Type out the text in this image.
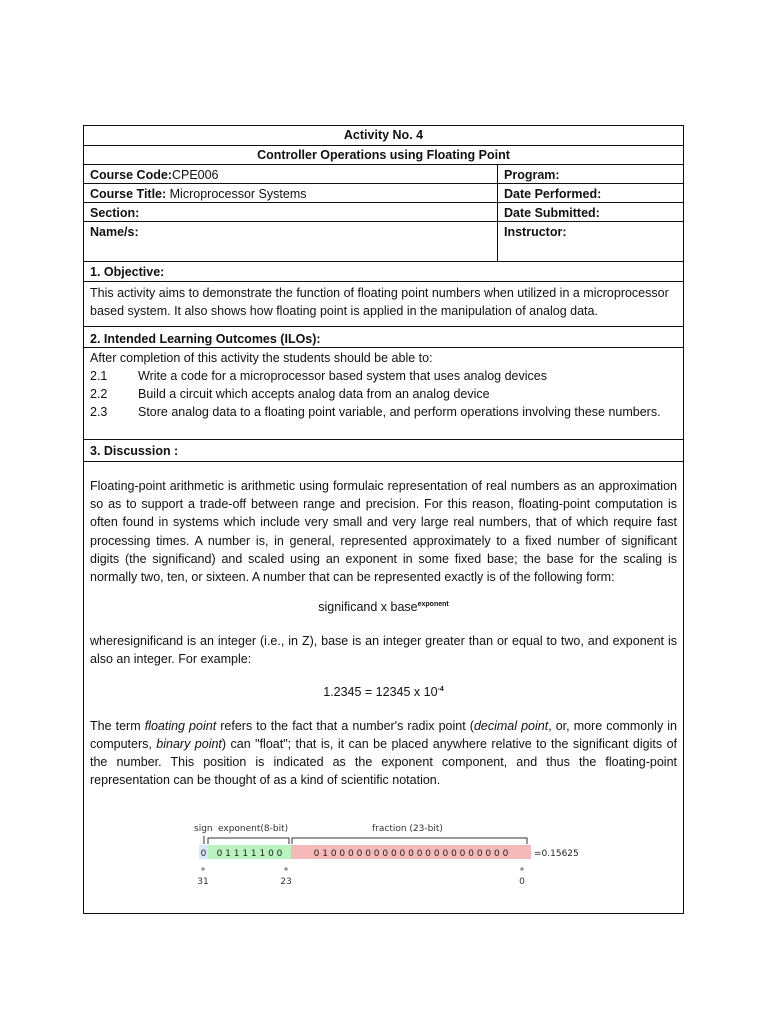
Activity No. 4
Controller Operations using Floating Point
Course Code:CPE006	Program:
Course Title: Microprocessor Systems	Date Performed:
Section:	Date Submitted:
Name/s:	Instructor:
1. Objective:
This activity aims to demonstrate the function of floating point numbers when utilized in a microprocessor based system. It also shows how floating point is applied in the manipulation of analog data.
2. Intended Learning Outcomes (ILOs):
After completion of this activity the students should be able to:
2.1	Write a code for a microprocessor based system that uses analog devices
2.2	Build a circuit which accepts analog data from an analog device
2.3	Store analog data to a floating point variable, and perform operations involving these numbers.
3. Discussion :
Floating-point arithmetic is arithmetic using formulaic representation of real numbers as an approximation so as to support a trade-off between range and precision. For this reason, floating-point computation is often found in systems which include very small and very large real numbers, that of which require fast processing times. A number is, in general, represented approximately to a fixed number of significant digits (the significand) and scaled using an exponent in some fixed base; the base for the scaling is normally two, ten, or sixteen. A number that can be represented exactly is of the following form:
significand x base$^{exponent}$
wheresignificand is an integer (i.e., in Z), base is an integer greater than or equal to two, and exponent is also an integer. For example:
1.2345 = 12345 x $10^{-4}$
The term floating point refers to the fact that a number's radix point (decimal point, or, more commonly in computers, binary point) can "float"; that is, it can be placed anywhere relative to the significant digits of the number. This position is indicated as the exponent component, and thus the floating-point representation can be thought of as a kind of scientific notation.
sign exponent(8-bit)	fraction (23-bit)
0 0 1 1 1 1 1 0 0	0 1 0 0 0 0 0 0 0 0 0 0 0 0 0 0 0 0 0 0 0 0 0	=0.15625
31	23	0
